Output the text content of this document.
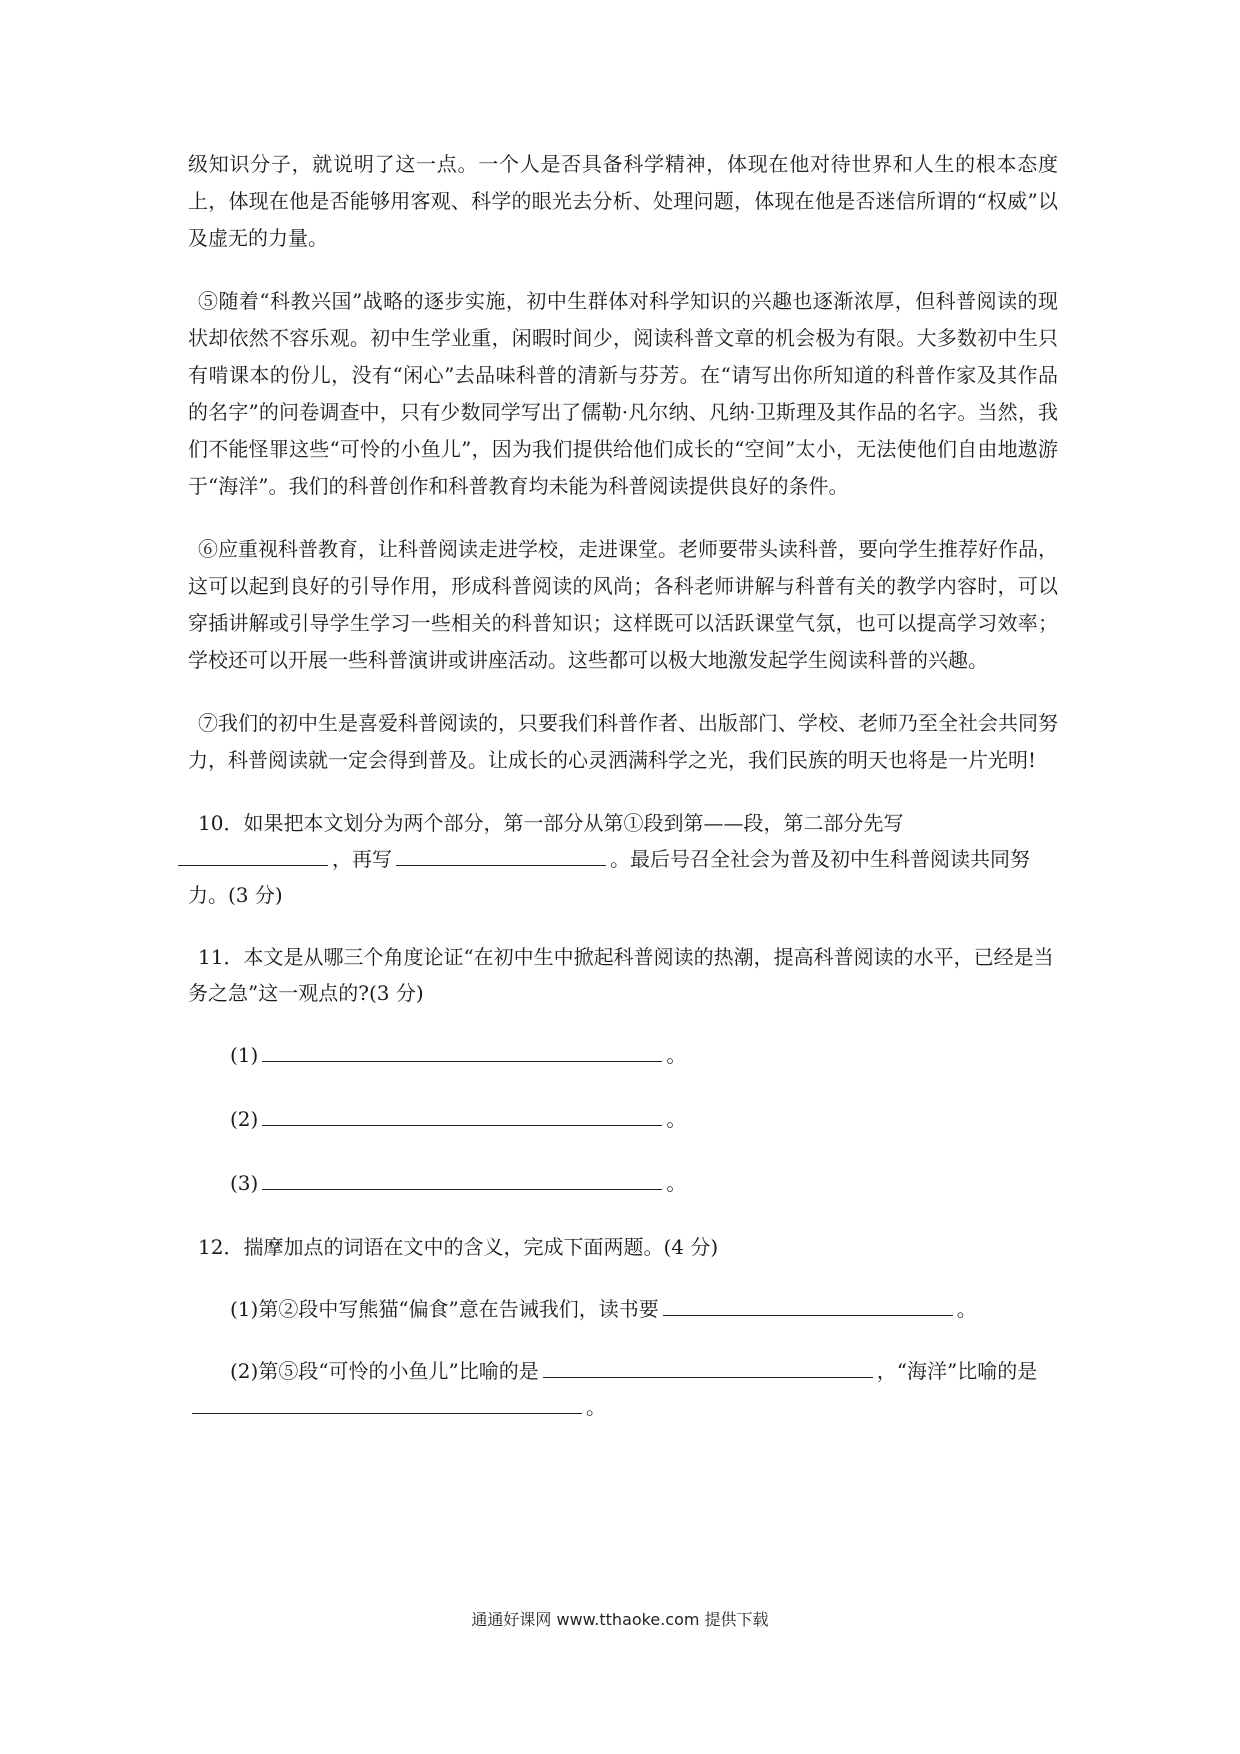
级知识分子，就说明了这一点。一个人是否具备科学精神，体现在他对待世界和人生的根本态度上，体现在他是否能够用客观、科学的眼光去分析、处理问题，体现在他是否迷信所谓的“权威”以及虚无的力量。

⑤随着“科教兴国”战略的逐步实施，初中生群体对科学知识的兴趣也逐渐浓厚，但科普阅读的现状却依然不容乐观。初中生学业重，闲暇时间少，阅读科普文章的机会极为有限。大多数初中生只有啃课本的份儿，没有“闲心”去品味科普的清新与芬芳。在“请写出你所知道的科普作家及其作品的名字”的问卷调查中，只有少数同学写出了儒勒·凡尔纳、凡纳·卫斯理及其作品的名字。当然，我们不能怪罪这些“可怜的小鱼儿”，因为我们提供给他们成长的“空间”太小，无法使他们自由地遨游于“海洋”。我们的科普创作和科普教育均未能为科普阅读提供良好的条件。

⑥应重视科普教育，让科普阅读走进学校，走进课堂。老师要带头读科普，要向学生推荐好作品，这可以起到良好的引导作用，形成科普阅读的风尚；各科老师讲解与科普有关的教学内容时，可以穿插讲解或引导学生学习一些相关的科普知识；这样既可以活跃课堂气氛，也可以提高学习效率；学校还可以开展一些科普演讲或讲座活动。这些都可以极大地激发起学生阅读科普的兴趣。

⑦我们的初中生是喜爱科普阅读的，只要我们科普作者、出版部门、学校、老师乃至全社会共同努力，科普阅读就一定会得到普及。让成长的心灵洒满科学之光，我们民族的明天也将是一片光明!

10．如果把本文划分为两个部分，第一部分从第①段到第——段，第二部分先写
，再写	。最后号召全社会为普及初中生科普阅读共同努力。(3 分)
11．本文是从哪三个角度论证“在初中生中掀起科普阅读的热潮，提高科普阅读的水平，已经是当务之急”这一观点的?(3 分)
(1)	。
(2)	。
(3)	。
12．揣摩加点的词语在文中的含义，完成下面两题。(4 分)
(1)第②段中写熊猫“偏食”意在告诫我们，读书要	。
(2)第⑤段“可怜的小鱼儿”比喻的是	，“海洋”比喻的是。
通通好课网 www.tthaoke.com 提供下载
